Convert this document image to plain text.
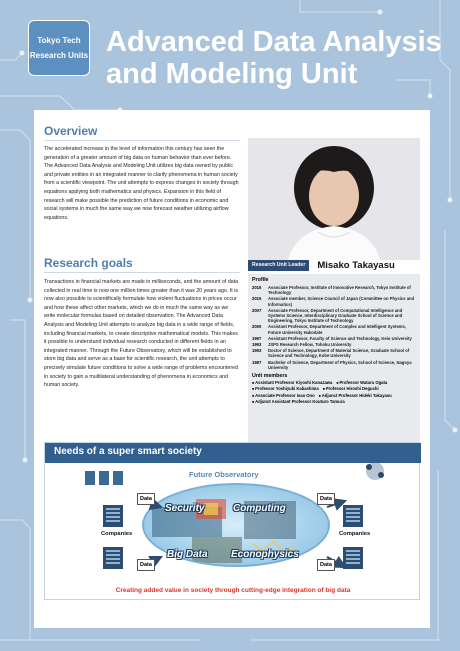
Tokyo Tech
Research Units Advanced Data Analysis
and Modeling Unit
Overview
The accelerated increase in the level of information this century has seen the generation of a greater amount of big data on human behavior than ever before. The Advanced Data Analysis and Modeling Unit utilizes big data owned by public and private entities in an integrated manner to clarify phenomena in human society from a scientific viewpoint. The unit attempts to express changes in society through equations applying both mathematics and physics. Expansion in this field of research will make possible the prediction of future conditions in economic and social systems in much the same way we now forecast weather utilizing airflow equations.
Research goals
Transactions in financial markets are made in milliseconds, and the amount of data collected in real time is now one million times greater than it was 20 years ago. It is now also possible to scientifically formulate how violent fluctuations in prices occur and how these affect other markets, which we do in much the same way as we write molecular formulas based on detailed observation. The Advanced Data Analysis and Modeling Unit attempts to analyze big data in a wide range of fields, including financial markets, to create descriptive mathematical models. This makes it possible to understand individual research conducted in different fields in an integrated manner. Through the Future Observatory, which will be established to store big data and serve as a base for scientific research, the unit attempts to precisely simulate future conditions to solve a wide range of problems encountered in society to gain a multilateral understanding of phenomena in economics and human society.
Research Unit Leader	Misako Takayasu
Profile
2016	Associate Professor, Institute of Innovative Research, Tokyo Institute of Technology
2015	Associate member, Science Council of Japan (Committee on Physics and Informatics)
2007	Associate Professor, Department of Computational Intelligence and Systems Science, Interdisciplinary Graduate School of Science and Engineering, Tokyo Institute of Technology
2000	Assistant Professor, Department of Complex and Intelligent Systems, Future University Hakodate
1997	Assistant Professor, Faculty of Science and Technology, Keio University
1993	JSPS Research Fellow, Tohoku University
1993	Doctor of Science, Department of Material Science, Graduate School of Science and Technology, Kobe University
1987	Bachelor of Science, Department of Physics, School of Science, Nagoya University
Unit members
■ Assistant Professor Kiyoshi Kanazawa	■ Professor Wataru Ogata
■ Professor Yoshiyuki Kabashima	■ Professor Hiroshi Deguchi
■ Associate Professor Isao Ono	■ Adjunct Professor Hideki Takayasu
■ Adjunct Assistant Professor Kouturo Tamura
Needs of a super smart society
Future Observatory
Security	Computing
Big Data Econophysics
Data
Data
Data
Data
Companies	Companies
Creating added value in society through cutting-edge integration of big data
